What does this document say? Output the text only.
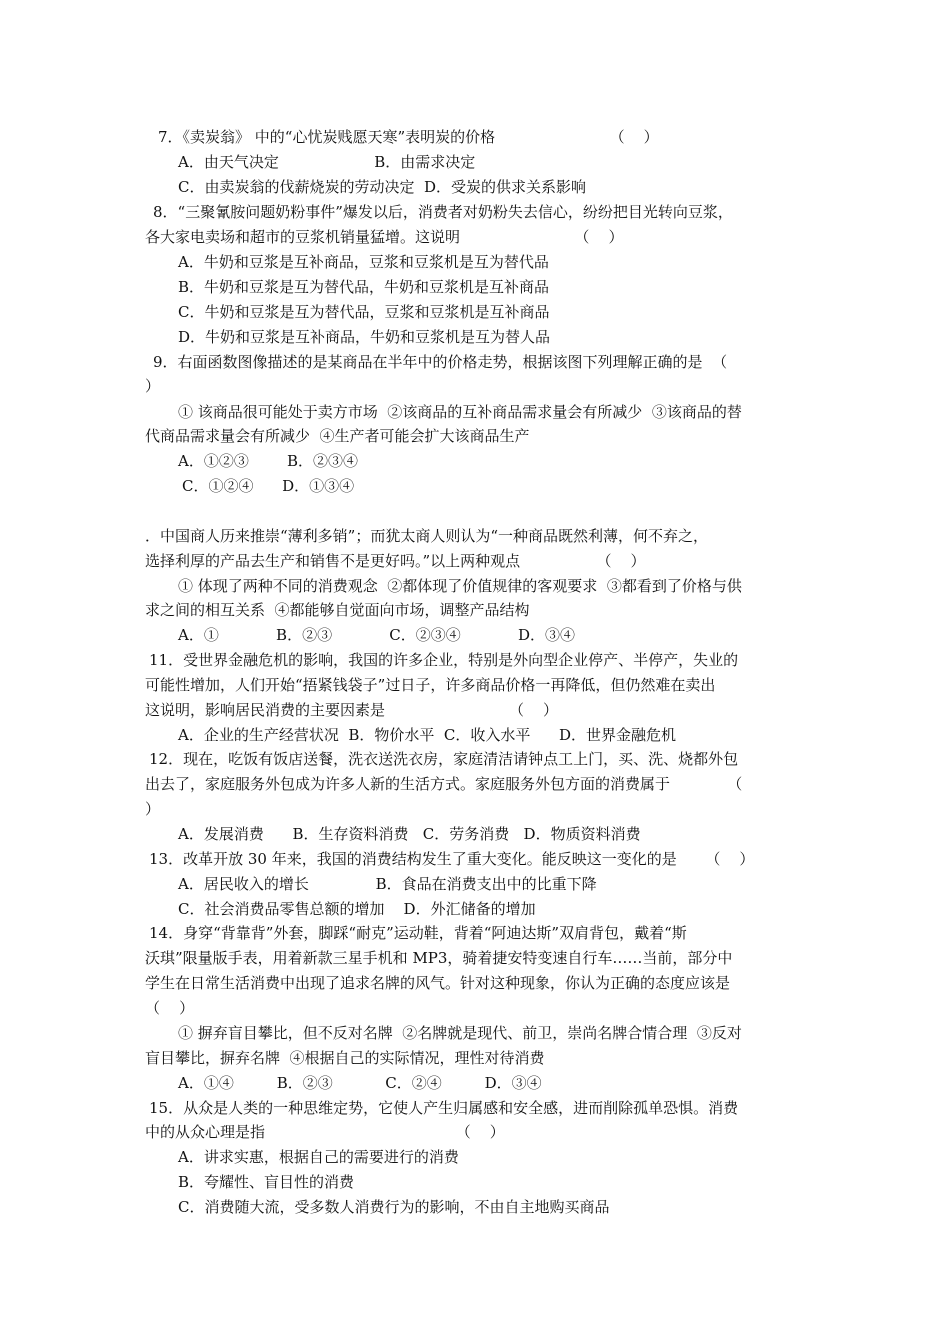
7．《卖炭翁》 中的“心忧炭贱愿天寒”表明炭的价格                        （    ）
A．由天气决定                    B．由需求决定
C．由卖炭翁的伐薪烧炭的劳动决定  D．受炭的供求关系影响
8．“三聚氰胺问题奶粉事件”爆发以后，消费者对奶粉失去信心，纷纷把目光转向豆浆，
各大家电卖场和超市的豆浆机销量猛增。这说明                        （    ）
A．牛奶和豆浆是互补商品，豆浆和豆浆机是互为替代品
B．牛奶和豆浆是互为替代品，牛奶和豆浆机是互补商品
C．牛奶和豆浆是互为替代品，豆浆和豆浆机是互补商品
D．牛奶和豆浆是互补商品，牛奶和豆浆机是互为替人品
9．右面函数图像描述的是某商品在半年中的价格走势，根据该图下列理解正确的是  （
）
① 该商品很可能处于卖方市场  ②该商品的互补商品需求量会有所减少  ③该商品的替
代商品需求量会有所减少  ④生产者可能会扩大该商品生产
A．①②③        B．②③④
C．①②④      D．①③④
．中国商人历来推崇“薄利多销”；而犹太商人则认为“一种商品既然利薄，何不弃之，
选择利厚的产品去生产和销售不是更好吗。”以上两种观点                （    ）
① 体现了两种不同的消费观念  ②都体现了价值规律的客观要求  ③都看到了价格与供
求之间的相互关系  ④都能够自觉面向市场，调整产品结构
A．①            B．②③            C．②③④            D．③④
11．受世界金融危机的影响，我国的许多企业，特别是外向型企业停产、半停产，失业的
可能性增加，人们开始“捂紧钱袋子”过日子，许多商品价格一再降低，但仍然难在卖出
这说明，影响居民消费的主要因素是                          （    ）
A．企业的生产经营状况  B．物价水平  C．收入水平      D．世界金融危机
12．现在，吃饭有饭店送餐，洗衣送洗衣房，家庭清洁请钟点工上门，买、洗、烧都外包
出去了，家庭服务外包成为许多人新的生活方式。家庭服务外包方面的消费属于            （
）
A．发展消费      B．生存资料消费   C．劳务消费   D．物质资料消费
13．改革开放 30 年来，我国的消费结构发生了重大变化。能反映这一变化的是      （    ）
A．居民收入的增长              B．食品在消费支出中的比重下降
C．社会消费品零售总额的增加    D．外汇储备的增加
14．身穿“背靠背”外套，脚踩“耐克”运动鞋，背着“阿迪达斯”双肩背包，戴着“斯
沃琪”限量版手表，用着新款三星手机和 MP3，骑着捷安特变速自行车……当前，部分中
学生在日常生活消费中出现了追求名牌的风气。针对这种现象，你认为正确的态度应该是
（    ）
① 摒弃盲目攀比，但不反对名牌  ②名牌就是现代、前卫，崇尚名牌合情合理  ③反对
盲目攀比，摒弃名牌  ④根据自己的实际情况，理性对待消费
A．①④         B．②③           C．②④         D．③④
15．从众是人类的一种思维定势，它使人产生归属感和安全感，进而削除孤单恐惧。消费
中的从众心理是指                                        （    ）
A．讲求实惠，根据自己的需要进行的消费
B．夸耀性、盲目性的消费
C．消费随大流，受多数人消费行为的影响，不由自主地购买商品
